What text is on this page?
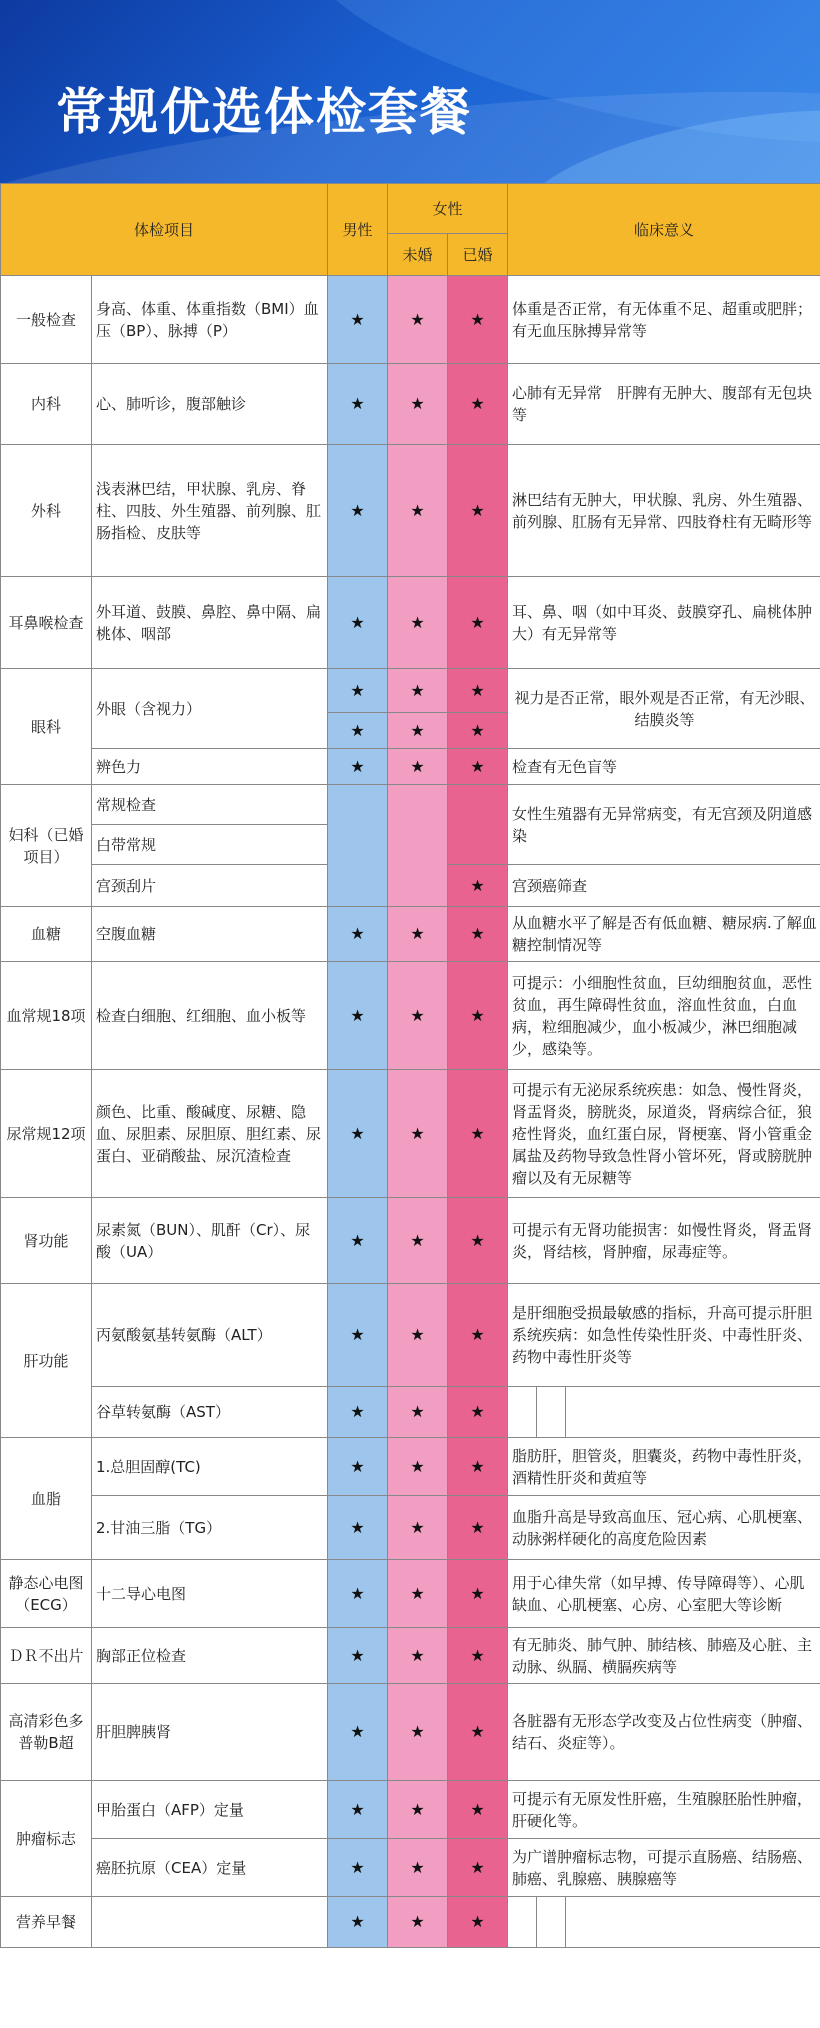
常规优选体检套餐
体检项目		男性	女性		临床意义
			未婚	已婚	
一般检查	身高、体重、体重指数（BMI）血压（BP）、脉搏（P）	★	★	★	体重是否正常，有无体重不足、超重或肥胖；有无血压脉搏异常等
内科	心、肺听诊，腹部触诊	★	★	★	心肺有无异常　肝脾有无肿大、腹部有无包块等
外科	浅表淋巴结，甲状腺、乳房、脊柱、四肢、外生殖器、前列腺、肛肠指检、皮肤等	★	★	★	淋巴结有无肿大，甲状腺、乳房、外生殖器、前列腺、肛肠有无异常、四肢脊柱有无畸形等
耳鼻喉检查	外耳道、鼓膜、鼻腔、鼻中隔、扁桃体、咽部	★	★	★	耳、鼻、咽（如中耳炎、鼓膜穿孔、扁桃体肿大）有无异常等
眼科	外眼（含视力）	★	★	★	视力是否正常，眼外观是否正常，有无沙眼、结膜炎等
		★	★	★	
	辨色力	★	★	★	检查有无色盲等
妇科（已婚项目）	常规检查				女性生殖器有无异常病变，有无宫颈及阴道感染
	白带常规				
	宫颈刮片			★	宫颈癌筛查
血糖	空腹血糖	★	★	★	从血糖水平了解是否有低血糖、糖尿病.了解血糖控制情况等
血常规18项	检查白细胞、红细胞、血小板等	★	★	★	可提示：小细胞性贫血，巨幼细胞贫血，恶性贫血，再生障碍性贫血，溶血性贫血，白血病，粒细胞减少，血小板减少，淋巴细胞减少，感染等。
尿常规12项	颜色、比重、酸碱度、尿糖、隐血、尿胆素、尿胆原、胆红素、尿蛋白、亚硝酸盐、尿沉渣检查	★	★	★	可提示有无泌尿系统疾患：如急、慢性肾炎，肾盂肾炎，膀胱炎，尿道炎，肾病综合征，狼疮性肾炎，血红蛋白尿，肾梗塞、肾小管重金属盐及药物导致急性肾小管坏死，肾或膀胱肿瘤以及有无尿糖等
肾功能	尿素氮（BUN）、肌酐（Cr）、尿酸（UA）	★	★	★	可提示有无肾功能损害：如慢性肾炎，肾盂肾炎，肾结核，肾肿瘤，尿毒症等。
肝功能	丙氨酸氨基转氨酶（ALT）	★	★	★	是肝细胞受损最敏感的指标，升高可提示肝胆系统疾病：如急性传染性肝炎、中毒性肝炎、药物中毒性肝炎等
	谷草转氨酶（AST）	★	★	★	

血脂	1.总胆固醇(TC)	★	★	★	脂肪肝，胆管炎，胆囊炎，药物中毒性肝炎，酒精性肝炎和黄疸等
	2.甘油三脂（TG）	★	★	★	血脂升高是导致高血压、冠心病、心肌梗塞、动脉粥样硬化的高度危险因素
静态心电图（ECG）	十二导心电图	★	★	★	用于心律失常（如早搏、传导障碍等）、心肌缺血、心肌梗塞、心房、心室肥大等诊断
ＤＲ不出片	胸部正位检查	★	★	★	有无肺炎、肺气肿、肺结核、肺癌及心脏、主动脉、纵膈、横膈疾病等
高清彩色多普勒B超	肝胆脾胰肾	★	★	★	各脏器有无形态学改变及占位性病变（肿瘤、结石、炎症等）。
肿瘤标志	甲胎蛋白（AFP）定量	★	★	★	可提示有无原发性肝癌，生殖腺胚胎性肿瘤，肝硬化等。
	癌胚抗原（CEA）定量	★	★	★	为广谱肿瘤标志物，可提示直肠癌、结肠癌、肺癌、乳腺癌、胰腺癌等
营养早餐		★	★	★	
